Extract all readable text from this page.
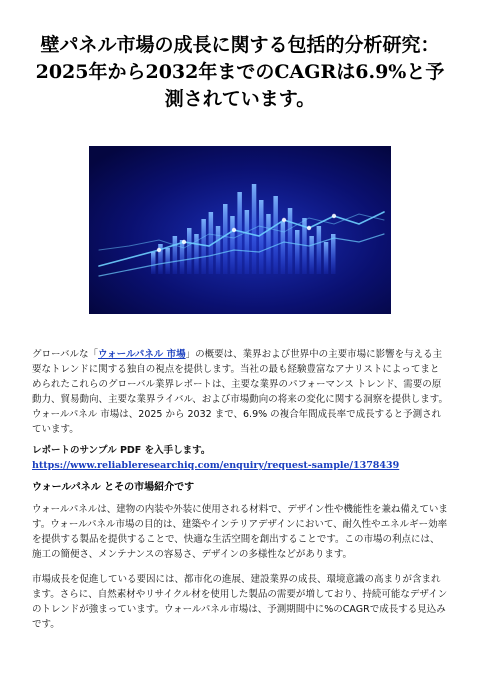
壁パネル市場の成長に関する包括的分析研究：2025年から2032年までのCAGRは6.9%と予測されています。

グローバルな「ウォールパネル 市場」の概要は、業界および世界中の主要市場に影響を与える主要なトレンドに関する独自の視点を提供します。当社の最も経験豊富なアナリストによってまとめられたこれらのグローバル業界レポートは、主要な業界のパフォーマンス トレンド、需要の原動力、貿易動向、主要な業界ライバル、および市場動向の将来の変化に関する洞察を提供します。ウォールパネル 市場は、2025 から 2032 まで、6.9% の複合年間成長率で成長すると予測されています。

レポートのサンプル PDF を入手します。 https://www.reliableresearchiq.com/enquiry/request-sample/1378439

ウォールパネル とその市場紹介です

ウォールパネルは、建物の内装や外装に使用される材料で、デザイン性や機能性を兼ね備えています。ウォールパネル市場の目的は、建築やインテリアデザインにおいて、耐久性やエネルギー効率を提供する製品を提供することで、快適な生活空間を創出することです。この市場の利点には、施工の簡便さ、メンテナンスの容易さ、デザインの多様性などがあります。

市場成長を促進している要因には、都市化の進展、建設業界の成長、環境意識の高まりが含まれます。さらに、自然素材やリサイクル材を使用した製品の需要が増しており、持続可能なデザインのトレンドが強まっています。ウォールパネル市場は、予測期間中に%のCAGRで成長する見込みです。
